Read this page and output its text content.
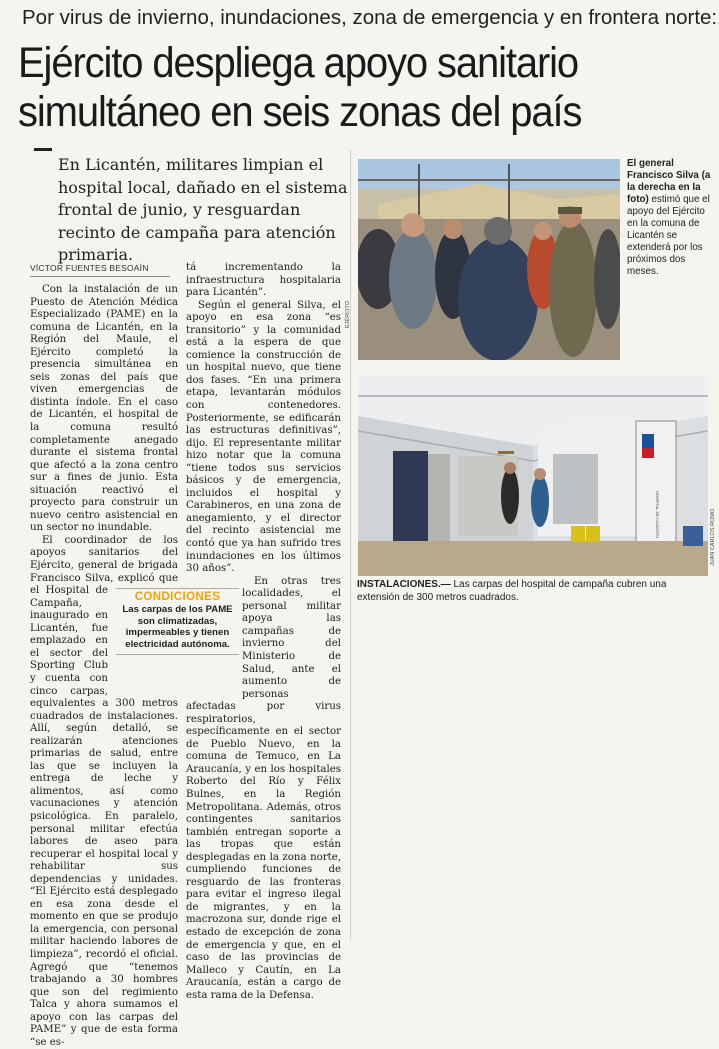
Por virus de invierno, inundaciones, zona de emergencia y en frontera norte:
Ejército despliega apoyo sanitario simultáneo en seis zonas del país
En Licantén, militares limpian el hospital local, dañado en el sistema frontal de junio, y resguardan recinto de campaña para atención primaria.
VÍCTOR FUENTES BESOAÍN

Con la instalación de un Puesto de Atención Médica Especializado (PAME) en la comuna de Licantén, en la Región del Maule, el Ejército completó la presencia simultánea en seis zonas del país que viven emergencias de distinta índole. En el caso de Licantén, el hospital de la comuna resultó completamente anegado durante el sistema frontal que afectó a la zona centro sur a fines de junio. Esta situación reactivó el proyecto para construir un nuevo centro asistencial en un sector no inundable.

El coordinador de los apoyos sanitarios del Ejército, general de brigada Francisco Silva, explicó que el Hospital de Campaña, inaugurado en Licantén, fue emplazado en el sector del Sporting Club y cuenta con cinco carpas, equivalentes a 300 metros cuadrados de instalaciones. Allí, según detalló, se realizarán atenciones primarias de salud, entre las que se incluyen la entrega de leche y alimentos, así como vacunaciones y atención psicológica. En paralelo, personal militar efectúa labores de aseo para recuperar el hospital local y rehabilitar sus dependencias y unidades. “El Ejército está desplegado en esa zona desde el momento en que se produjo la emergencia, con personal militar haciendo labores de limpieza”, recordó el oficial. Agregó que “tenemos trabajando a 30 hombres que son del regimiento Talca y ahora sumamos el apoyo con las carpas del PAME” y que de esta forma “se es-

tá incrementando la infraestructura hospitalaria para Licantén”.

Según el general Silva, el apoyo en esa zona “es transitorio” y la comunidad está a la espera de que comience la construcción de un hospital nuevo, que tiene dos fases. “En una primera etapa, levantarán módulos con contenedores. Posteriormente, se edificarán las estructuras definitivas”, dijo. El representante militar hizo notar que la comuna “tiene todos sus servicios básicos y de emergencia, incluidos el hospital y Carabineros, en una zona de anegamiento, y el director del recinto asistencial me contó que ya han sufrido tres inundaciones en los últimos 30 años”.

En otras tres localidades, el personal militar apoya las campañas de invierno del Ministerio de Salud, ante el aumento de personas afectadas por virus respiratorios, específicamente en el sector de Pueblo Nuevo, en la comuna de Temuco, en La Araucanía, y en los hospitales Roberto del Río y Félix Bulnes, en la Región Metropolitana. Además, otros contingentes sanitarios también entregan soporte a las tropas que están desplegadas en la zona norte, cumpliendo funciones de resguardo de las fronteras para evitar el ingreso ilegal de migrantes, y en la macrozona sur, donde rige el estado de excepción de zona de emergencia y que, en el caso de las provincias de Malleco y Cautín, en La Araucanía, están a cargo de esta rama de la Defensa.

CONDICIONES
Las carpas de los PAME son climatizadas, impermeables y tienen electricidad autónoma.
EJÉRCITO
El general Francisco Silva (a la derecha en la foto) estimó que el apoyo del Ejército en la comuna de Licantén se extenderá por los próximos dos meses.
HOSPITAL DE LICANTÉN	JUAN CARLOS ROMO
INSTALACIONES.— Las carpas del hospital de campaña cubren una extensión de 300 metros cuadrados.
